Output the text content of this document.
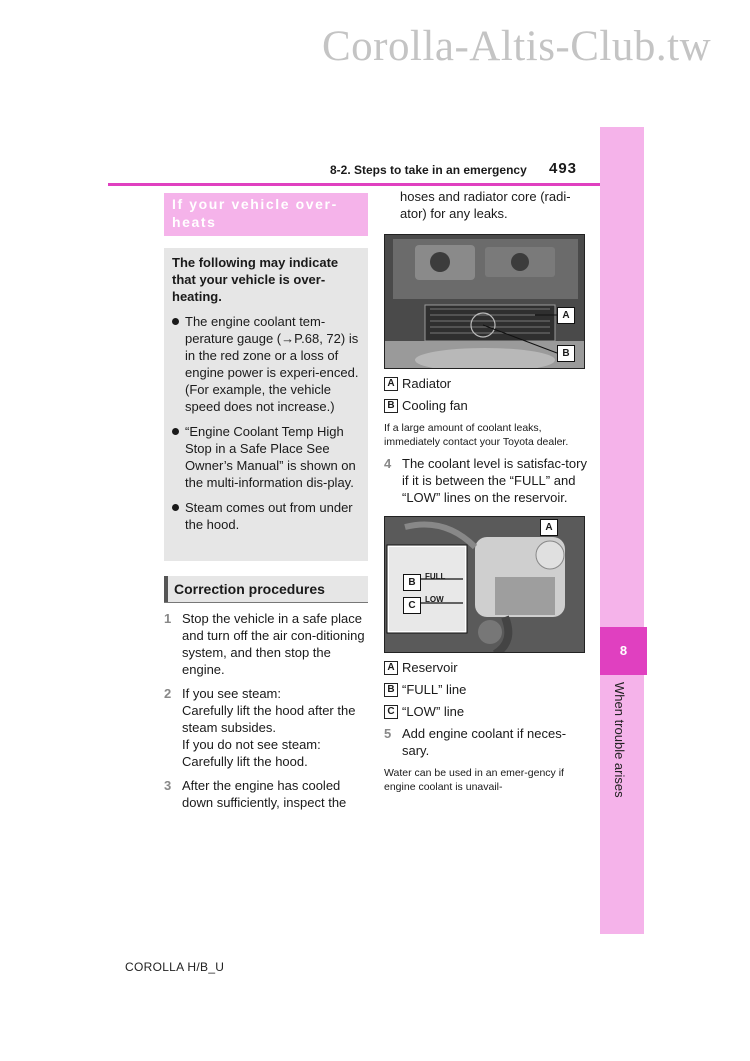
Corolla-Altis-Club.tw
8
When trouble arises
8-2. Steps to take in an emergency 493
If your vehicle over-
heats
The following may indicate that your vehicle is over-heating.
The engine coolant tem-perature gauge (→P.68, 72) is in the red zone or a loss of engine power is experi-enced. (For example, the vehicle speed does not increase.)
“Engine Coolant Temp High Stop in a Safe Place See Owner’s Manual” is shown on the multi-information dis-play.
Steam comes out from under the hood.
Correction procedures
1 Stop the vehicle in a safe place and turn off the air con-ditioning system, and then stop the engine.
2 If you see steam:
Carefully lift the hood after the steam subsides.
If you do not see steam:
Carefully lift the hood.
3 After the engine has cooled down sufficiently, inspect the
hoses and radiator core (radi-ator) for any leaks.
A
B
A Radiator
B Cooling fan
If a large amount of coolant leaks, immediately contact your Toyota dealer.
4 The coolant level is satisfac-tory if it is between the “FULL” and “LOW” lines on the reservoir.
FULL
LOW
A
B
C
A Reservoir
B “FULL” line
C “LOW” line
5 Add engine coolant if neces-sary.
Water can be used in an emer-gency if engine coolant is unavail-
COROLLA H/B_U
